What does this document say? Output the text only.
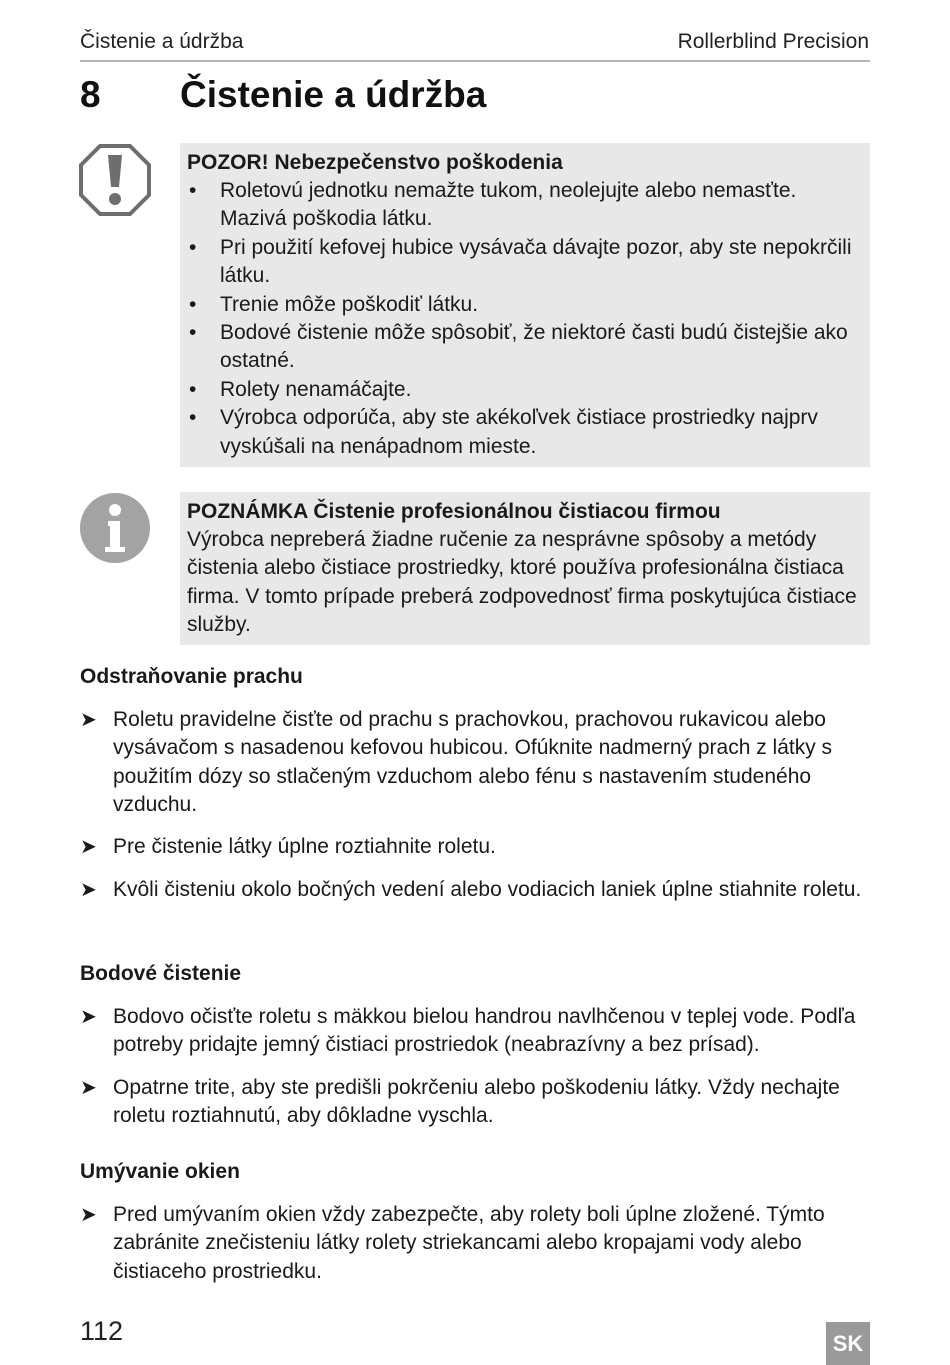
Čistenie a údržba	Rollerblind Precision
8 Čistenie a údržba
POZOR! Nebezpečenstvo poškodenia
• Roletovú jednotku nemažte tukom, neolejujte alebo nemasťte. Mazivá poškodia látku.
• Pri použití kefovej hubice vysávača dávajte pozor, aby ste nepokrčili látku.
• Trenie môže poškodiť látku.
• Bodové čistenie môže spôsobiť, že niektoré časti budú čistejšie ako ostatné.
• Rolety nenamáčajte.
• Výrobca odporúča, aby ste akékoľvek čistiace prostriedky najprv vyskúšali na nenápadnom mieste.
POZNÁMKA Čistenie profesionálnou čistiacou firmou
Výrobca nepreberá žiadne ručenie za nesprávne spôsoby a metódy čistenia alebo čistiace prostriedky, ktoré používa profesionálna čistiaca firma. V tomto prípade preberá zodpovednosť firma poskytujúca čistiace služby.
Odstraňovanie prachu
➤ Roletu pravidelne čisťte od prachu s prachovkou, prachovou rukavicou alebo vysávačom s nasadenou kefovou hubicou. Ofúknite nadmerný prach z látky s použitím dózy so stlačeným vzduchom alebo fénu s nastavením studeného vzduchu.
➤ Pre čistenie látky úplne roztiahnite roletu.
➤ Kvôli čisteniu okolo bočných vedení alebo vodiacich laniek úplne stiahnite roletu.
Bodové čistenie
➤ Bodovo očisťte roletu s mäkkou bielou handrou navlhčenou v teplej vode. Podľa potreby pridajte jemný čistiaci prostriedok (neabrazívny a bez prísad).
➤ Opatrne trite, aby ste predišli pokrčeniu alebo poškodeniu látky. Vždy nechajte roletu roztiahnutú, aby dôkladne vyschla.
Umývanie okien
➤ Pred umývaním okien vždy zabezpečte, aby rolety boli úplne zložené. Týmto zabránite znečisteniu látky rolety striekancami alebo kropajami vody alebo čistiaceho prostriedku.
112	SK
